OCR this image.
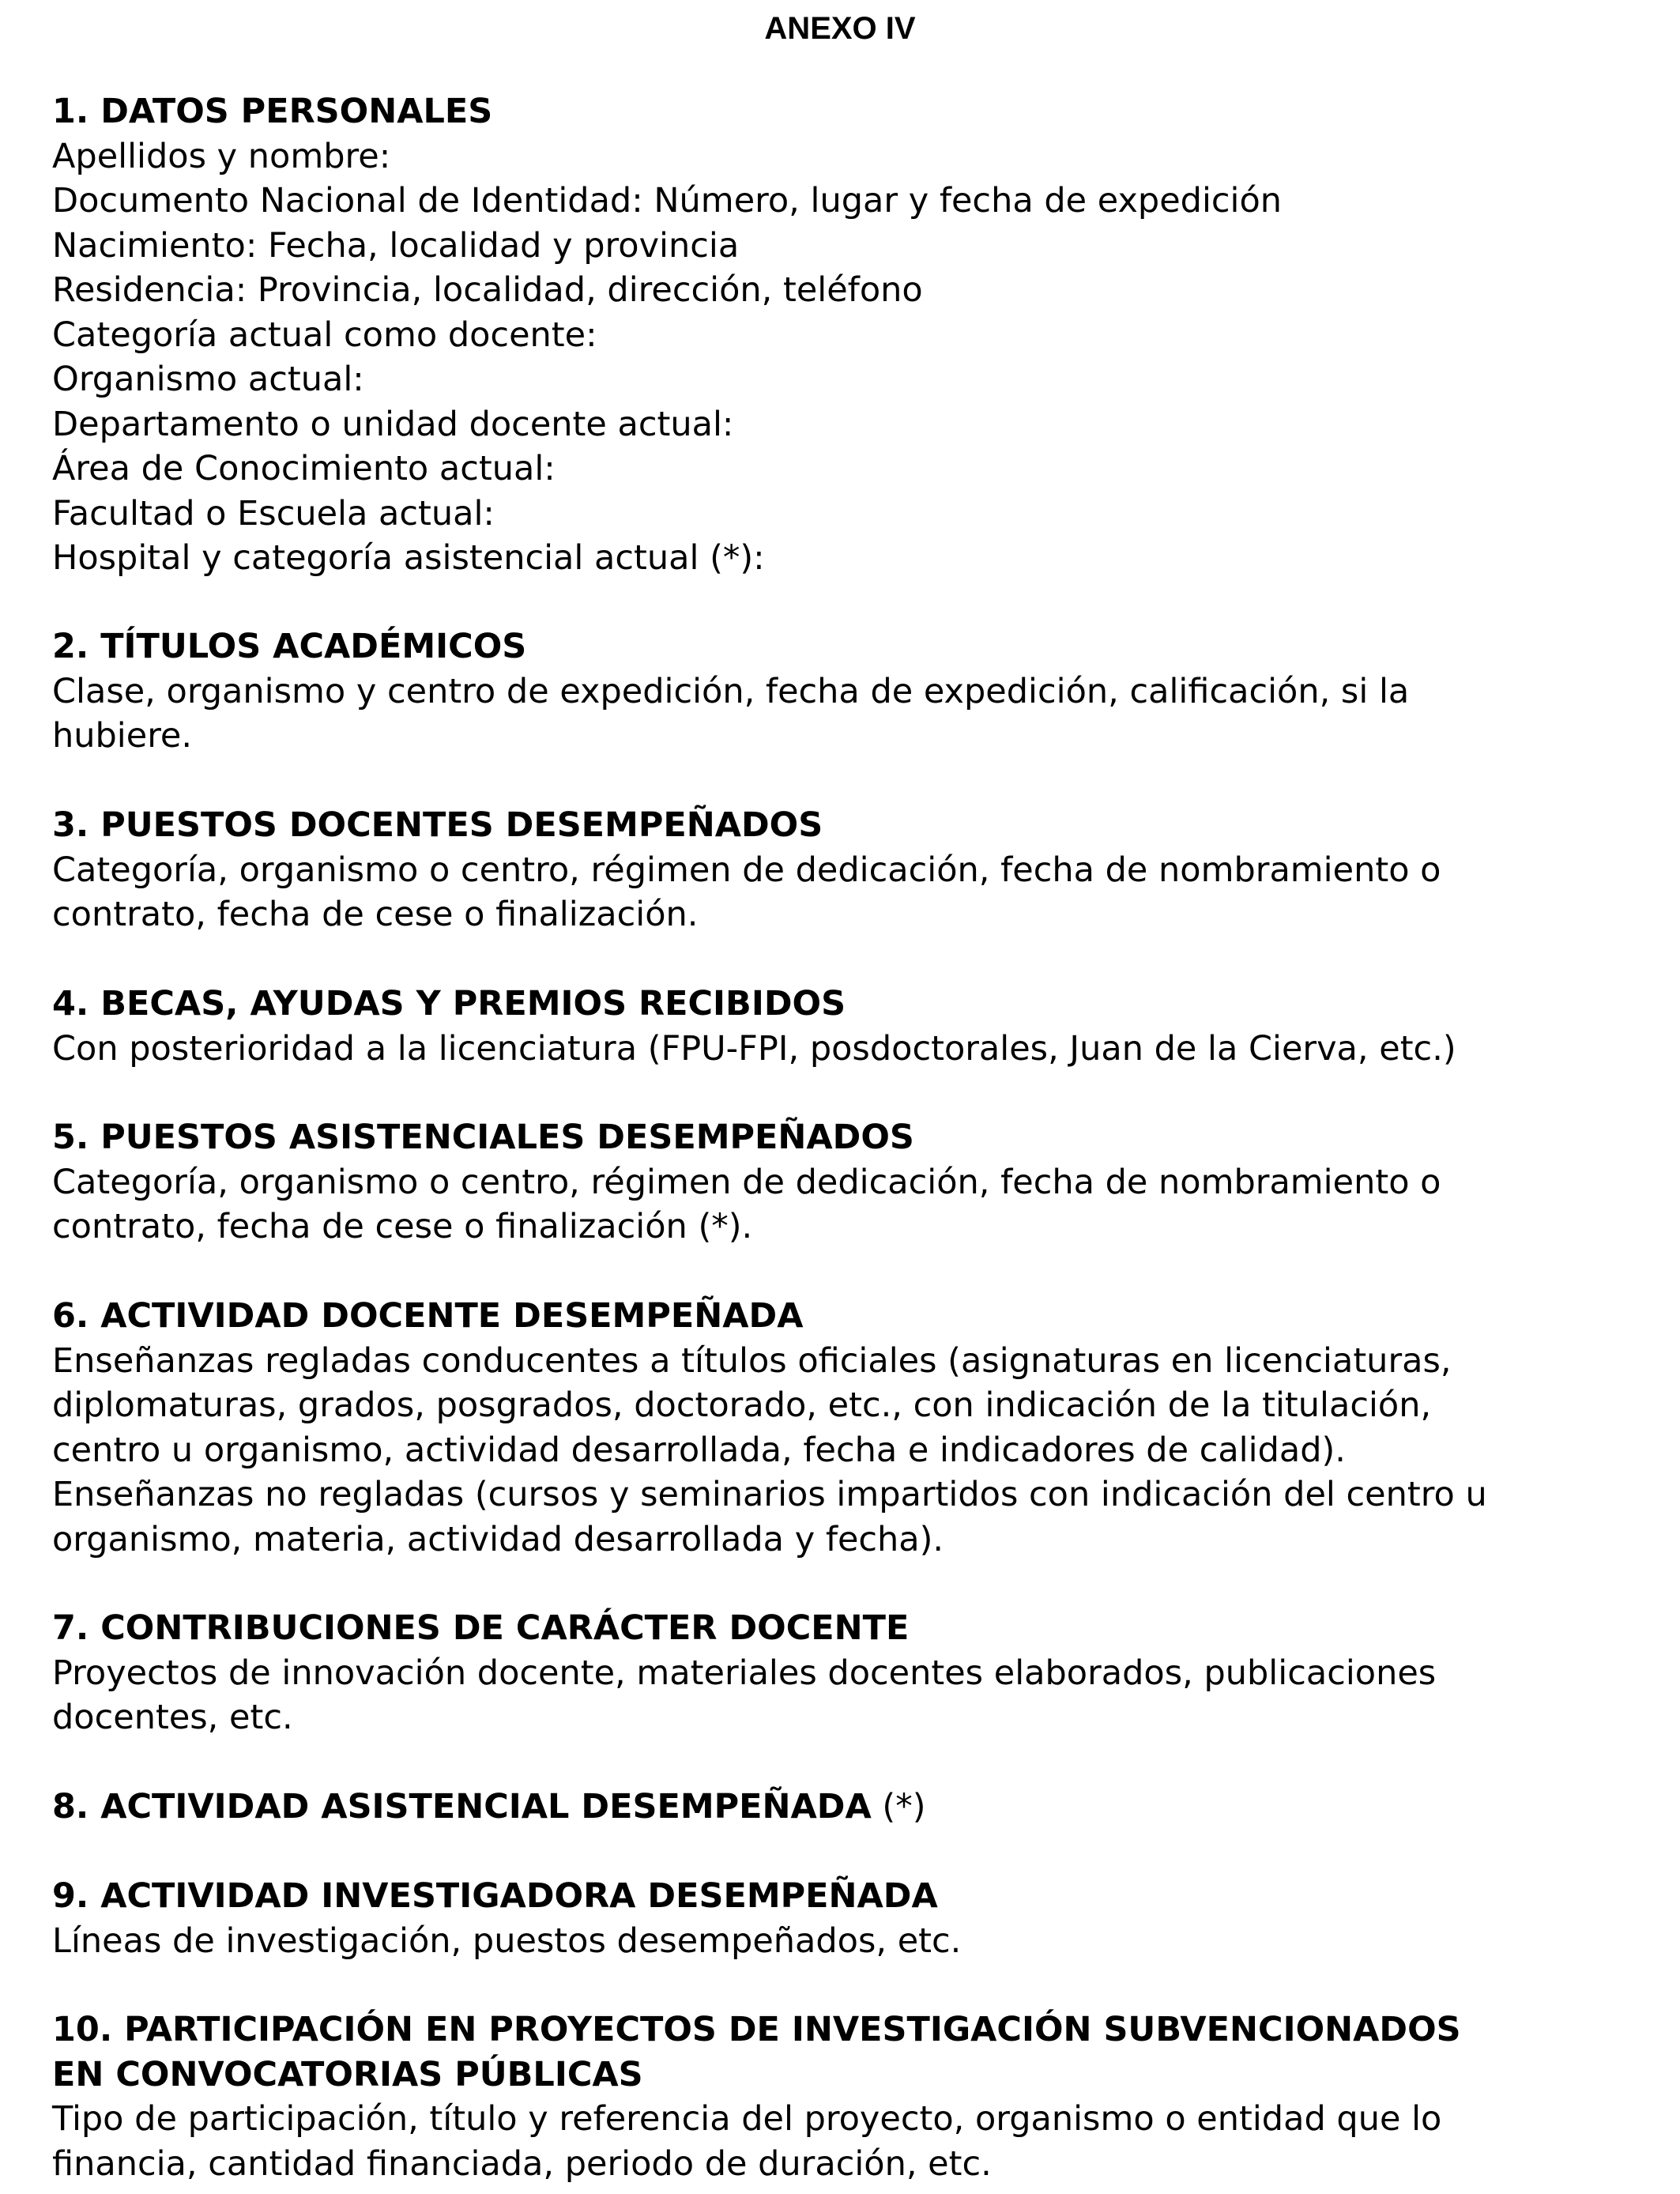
ANEXO IV
1. DATOS PERSONALES
Apellidos y nombre:
Documento Nacional de Identidad: Número, lugar y fecha de expedición
Nacimiento: Fecha, localidad y provincia
Residencia: Provincia, localidad, dirección, teléfono
Categoría actual como docente:
Organismo actual:
Departamento o unidad docente actual:
Área de Conocimiento actual:
Facultad o Escuela actual:
Hospital y categoría asistencial actual (*):
2. TÍTULOS ACADÉMICOS
Clase, organismo y centro de expedición, fecha de expedición, calificación, si la
hubiere.
3. PUESTOS DOCENTES DESEMPEÑADOS
Categoría, organismo o centro, régimen de dedicación, fecha de nombramiento o
contrato, fecha de cese o finalización.
4. BECAS, AYUDAS Y PREMIOS RECIBIDOS
Con posterioridad a la licenciatura (FPU-FPI, posdoctorales, Juan de la Cierva, etc.)
5. PUESTOS ASISTENCIALES DESEMPEÑADOS
Categoría, organismo o centro, régimen de dedicación, fecha de nombramiento o
contrato, fecha de cese o finalización (*).
6. ACTIVIDAD DOCENTE DESEMPEÑADA
Enseñanzas regladas conducentes a títulos oficiales (asignaturas en licenciaturas,
diplomaturas, grados, posgrados, doctorado, etc., con indicación de la titulación,
centro u organismo, actividad desarrollada, fecha e indicadores de calidad).
Enseñanzas no regladas (cursos y seminarios impartidos con indicación del centro u
organismo, materia, actividad desarrollada y fecha).
7. CONTRIBUCIONES DE CARÁCTER DOCENTE
Proyectos de innovación docente, materiales docentes elaborados, publicaciones
docentes, etc.
8. ACTIVIDAD ASISTENCIAL DESEMPEÑADA (*)
9. ACTIVIDAD INVESTIGADORA DESEMPEÑADA
Líneas de investigación, puestos desempeñados, etc.
10. PARTICIPACIÓN EN PROYECTOS DE INVESTIGACIÓN SUBVENCIONADOS
EN CONVOCATORIAS PÚBLICAS
Tipo de participación, título y referencia del proyecto, organismo o entidad que lo
financia, cantidad financiada, periodo de duración, etc.
